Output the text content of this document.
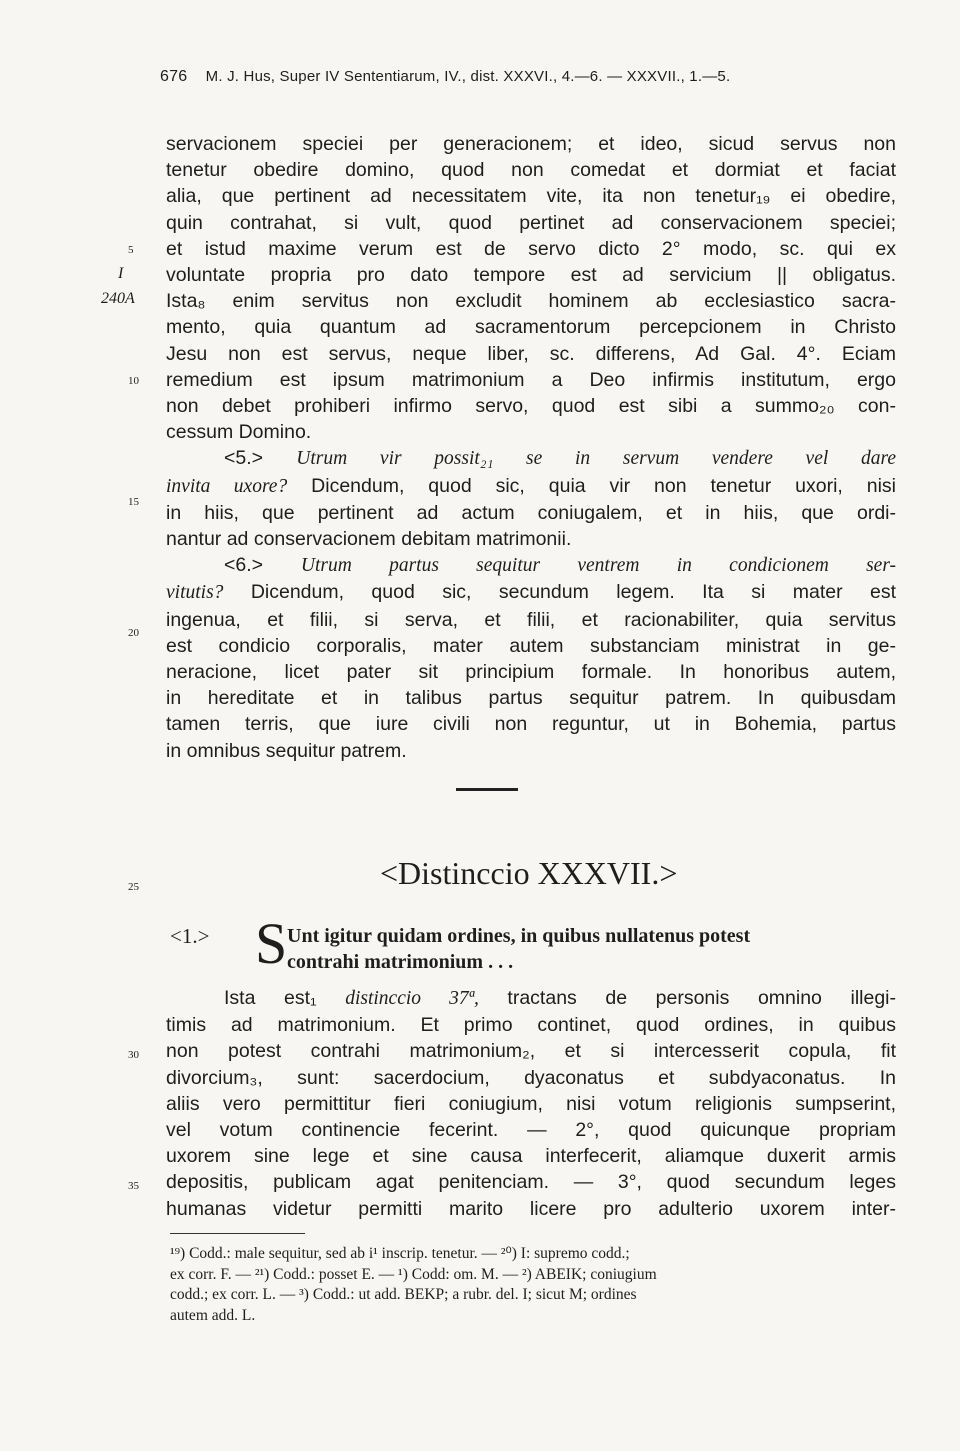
676 M. J. Hus, Super IV Sententiarum, IV., dist. XXXVI., 4.—6. — XXXVII., 1.—5.
I
240A
5
10
15
20
25
30
35
servacionem speciei per generacionem; et ideo, sicud servus non
tenetur obedire domino, quod non comedat et dormiat et faciat
alia, que pertinent ad necessitatem vite, ita non tenetur₁₉ ei obedire,
quin contrahat, si vult, quod pertinet ad conservacionem speciei;
et istud maxime verum est de servo dicto 2° modo, sc. qui ex
voluntate propria pro dato tempore est ad servicium || obligatus.
Ista₈ enim servitus non excludit hominem ab ecclesiastico sacra-
mento, quia quantum ad sacramentorum percepcionem in Christo
Jesu non est servus, neque liber, sc. differens, Ad Gal. 4°. Eciam
remedium est ipsum matrimonium a Deo infirmis institutum, ergo
non debet prohiberi infirmo servo, quod est sibi a summo₂₀ con-
cessum Domino.
<5.> Utrum vir possit₂₁ se in servum vendere vel dare
invita uxore? Dicendum, quod sic, quia vir non tenetur uxori, nisi
in hiis, que pertinent ad actum coniugalem, et in hiis, que ordi-
nantur ad conservacionem debitam matrimonii.
<6.> Utrum partus sequitur ventrem in condicionem ser-
vitutis? Dicendum, quod sic, secundum legem. Ita si mater est
ingenua, et filii, si serva, et filii, et racionabiliter, quia servitus
est condicio corporalis, mater autem substanciam ministrat in ge-
neracione, licet pater sit principium formale. In honoribus autem,
in hereditate et in talibus partus sequitur patrem. In quibusdam
tamen terris, que iure civili non reguntur, ut in Bohemia, partus
in omnibus sequitur patrem.
<Distinccio XXXVII.>
<1.> S Unt igitur quidam ordines, in quibus nullatenus potest
contrahi matrimonium . . .
Ista est₁ distinccio 37ª, tractans de personis omnino illegi-
timis ad matrimonium. Et primo continet, quod ordines, in quibus
non potest contrahi matrimonium₂, et si intercesserit copula, fit
divorcium₃, sunt: sacerdocium, dyaconatus et subdyaconatus. In
aliis vero permittitur fieri coniugium, nisi votum religionis sumpserint,
vel votum continencie fecerint. — 2°, quod quicunque propriam
uxorem sine lege et sine causa interfecerit, aliamque duxerit armis
depositis, publicam agat penitenciam. — 3°, quod secundum leges
humanas videtur permitti marito licere pro adulterio uxorem inter-
¹⁹) Codd.: male sequitur, sed ab i¹ inscrip. tenetur. — ²⁰) I: supremo codd.;
ex corr. F. — ²¹) Codd.: posset E. — ¹) Codd: om. M. — ²) ABEIK; coniugium
codd.; ex corr. L. — ³) Codd.: ut add. BEKP; a rubr. del. I; sicut M; ordines
autem add. L.
